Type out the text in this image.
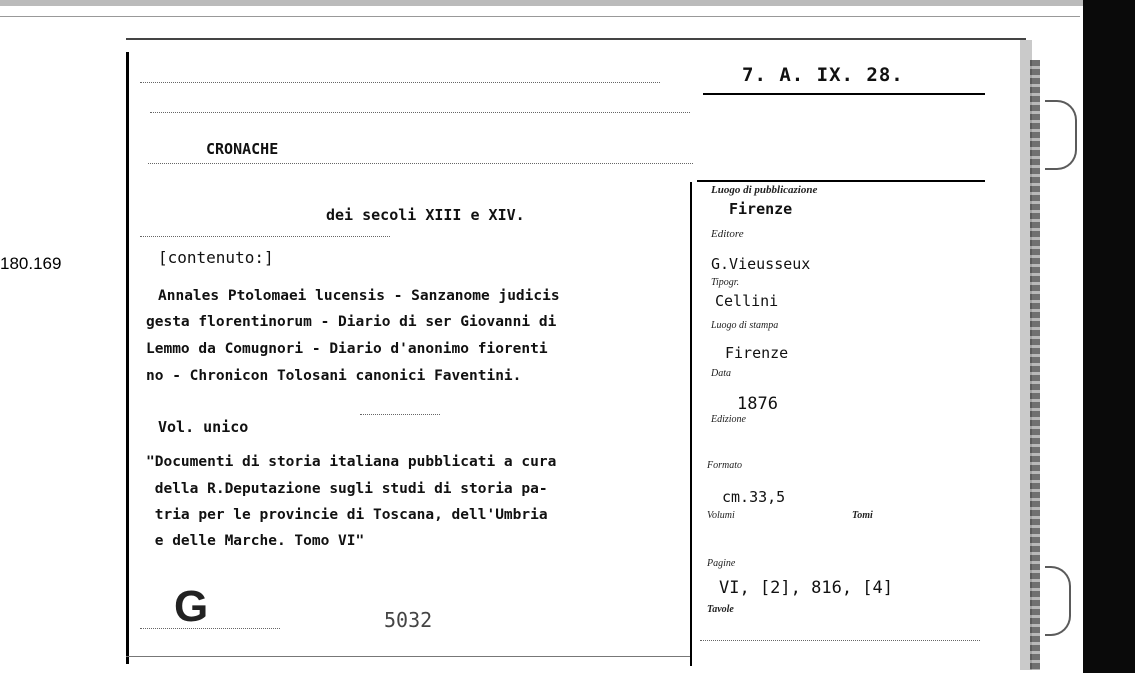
180.169
7. A. IX. 28.
CRONACHE
dei secoli XIII e XIV.
[contenuto:]
Annales Ptolomaei lucensis - Sanzanome judicis
gesta florentinorum - Diario di ser Giovanni di
Lemmo da Comugnori - Diario d'anonimo fiorenti
no - Chronicon Tolosani canonici Faventini.
Vol. unico
"Documenti di storia italiana pubblicati a cura
della R.Deputazione sugli studi di storia pa-
tria per le provincie di Toscana, dell'Umbria
e delle Marche. Tomo VI"
G	5032
Luogo di pubblicazione
Firenze
Editore
G.Vieusseux
Tipogr.
Cellini
Luogo di stampa
Firenze
Data
1876
Edizione
Formato
cm.33,5
Volumi	Tomi
Pagine
VI, [2], 816, [4]
Tavole
